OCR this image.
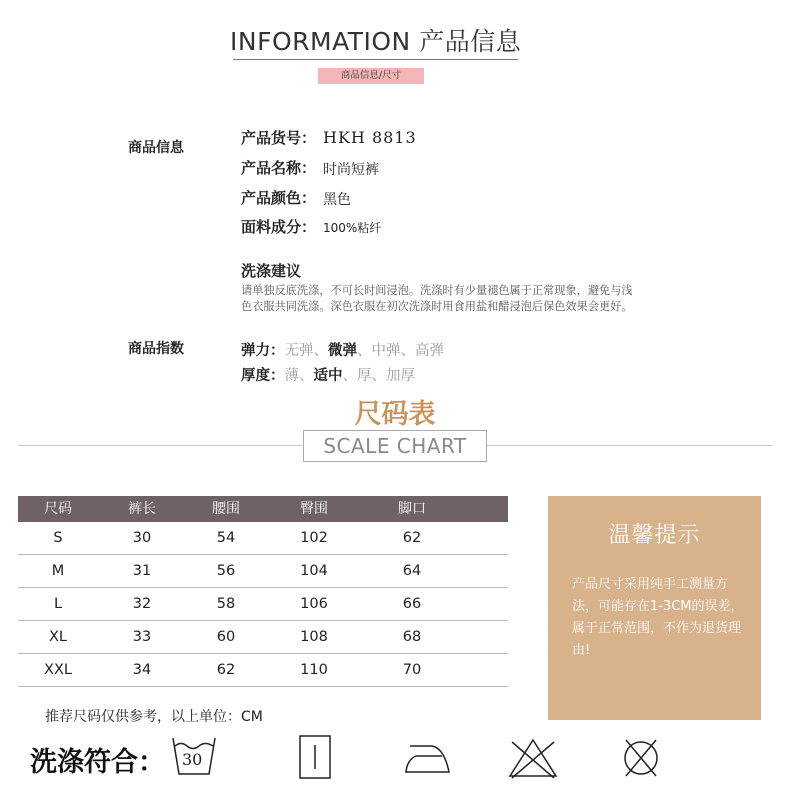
INFORMATION 产品信息
商品信息/尺寸
商品信息
产品货号： HKH 8813
产品名称： 时尚短裤
产品颜色： 黑色
面料成分： 100%粘纤
洗涤建议
请单独反底洗涤，不可长时间浸泡。洗涤时有少量褪色属于正常现象，避免与浅色衣服共同洗涤。深色衣服在初次洗涤时用食用盐和醋浸泡后保色效果会更好。
商品指数	弹力：无弹、微弹、中弹、高弹
厚度：薄、适中、厚、加厚
尺码表
SCALE CHART
尺码	裤长	腰围	臀围	脚口
S	30	54	102	62
M	31	56	104	64
L	32	58	106	66
XL	33	60	108	68
XXL	34	62	110	70
温馨提示
产品尺寸采用纯手工测量方法，可能存在1-3CM的误差，属于正常范围，不作为退货理由!
推荐尺码仅供参考，以上单位：CM
洗涤符合： 30
